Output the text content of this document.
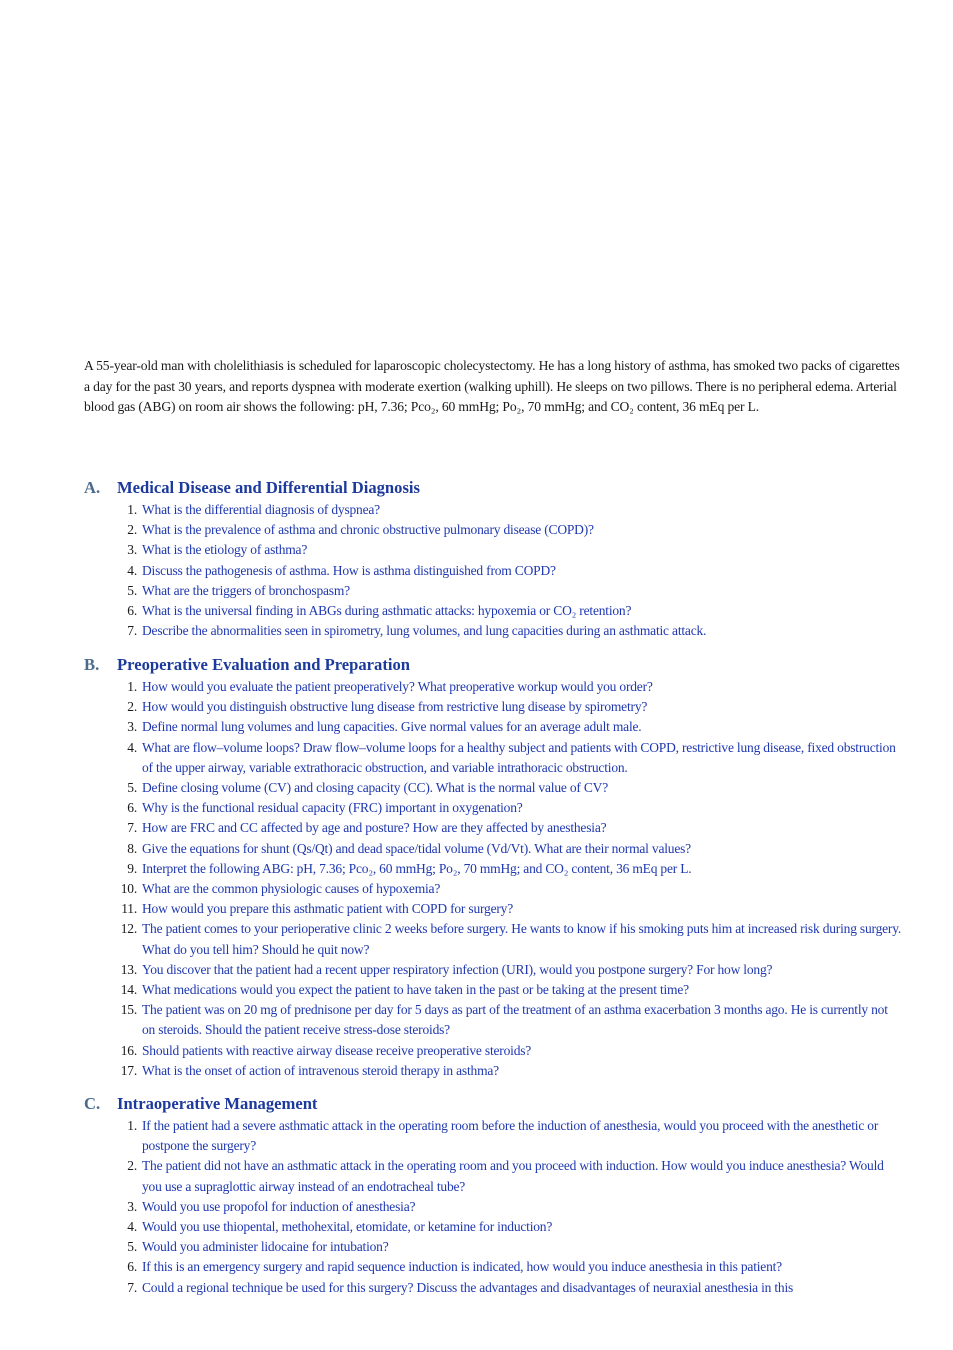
A 55-year-old man with cholelithiasis is scheduled for laparoscopic cholecystectomy. He has a long history of asthma, has smoked two packs of cigarettes a day for the past 30 years, and reports dyspnea with moderate exertion (walking uphill). He sleeps on two pillows. There is no peripheral edema. Arterial blood gas (ABG) on room air shows the following: pH, 7.36; Pco₂, 60 mmHg; Po₂, 70 mmHg; and CO₂ content, 36 mEq per L.

A.	Medical Disease and Differential Diagnosis
1. What is the differential diagnosis of dyspnea?
2. What is the prevalence of asthma and chronic obstructive pulmonary disease (COPD)?
3. What is the etiology of asthma?
4. Discuss the pathogenesis of asthma. How is asthma distinguished from COPD?
5. What are the triggers of bronchospasm?
6. What is the universal finding in ABGs during asthmatic attacks: hypoxemia or CO₂ retention?
7. Describe the abnormalities seen in spirometry, lung volumes, and lung capacities during an asthmatic attack.
B.	Preoperative Evaluation and Preparation
1. How would you evaluate the patient preoperatively? What preoperative workup would you order?
2. How would you distinguish obstructive lung disease from restrictive lung disease by spirometry?
3. Define normal lung volumes and lung capacities. Give normal values for an average adult male.
4. What are flow–volume loops? Draw flow–volume loops for a healthy subject and patients with COPD, restrictive lung disease, fixed obstruction of the upper airway, variable extrathoracic obstruction, and variable intrathoracic obstruction.
5. Define closing volume (CV) and closing capacity (CC). What is the normal value of CV?
6. Why is the functional residual capacity (FRC) important in oxygenation?
7. How are FRC and CC affected by age and posture? How are they affected by anesthesia?
8. Give the equations for shunt (Qs/Qt) and dead space/tidal volume (Vd/Vt). What are their normal values?
9. Interpret the following ABG: pH, 7.36; Pco₂, 60 mmHg; Po₂, 70 mmHg; and CO₂ content, 36 mEq per L.
10. What are the common physiologic causes of hypoxemia?
11. How would you prepare this asthmatic patient with COPD for surgery?
12. The patient comes to your perioperative clinic 2 weeks before surgery. He wants to know if his smoking puts him at increased risk during surgery. What do you tell him? Should he quit now?
13. You discover that the patient had a recent upper respiratory infection (URI), would you postpone surgery? For how long?
14. What medications would you expect the patient to have taken in the past or be taking at the present time?
15. The patient was on 20 mg of prednisone per day for 5 days as part of the treatment of an asthma exacerbation 3 months ago. He is currently not on steroids. Should the patient receive stress-dose steroids?
16. Should patients with reactive airway disease receive preoperative steroids?
17. What is the onset of action of intravenous steroid therapy in asthma?
C.	Intraoperative Management
1. If the patient had a severe asthmatic attack in the operating room before the induction of anesthesia, would you proceed with the anesthetic or postpone the surgery?
2. The patient did not have an asthmatic attack in the operating room and you proceed with induction. How would you induce anesthesia? Would you use a supraglottic airway instead of an endotracheal tube?
3. Would you use propofol for induction of anesthesia?
4. Would you use thiopental, methohexital, etomidate, or ketamine for induction?
5. Would you administer lidocaine for intubation?
6. If this is an emergency surgery and rapid sequence induction is indicated, how would you induce anesthesia in this patient?
7. Could a regional technique be used for this surgery? Discuss the advantages and disadvantages of neuraxial anesthesia in this
